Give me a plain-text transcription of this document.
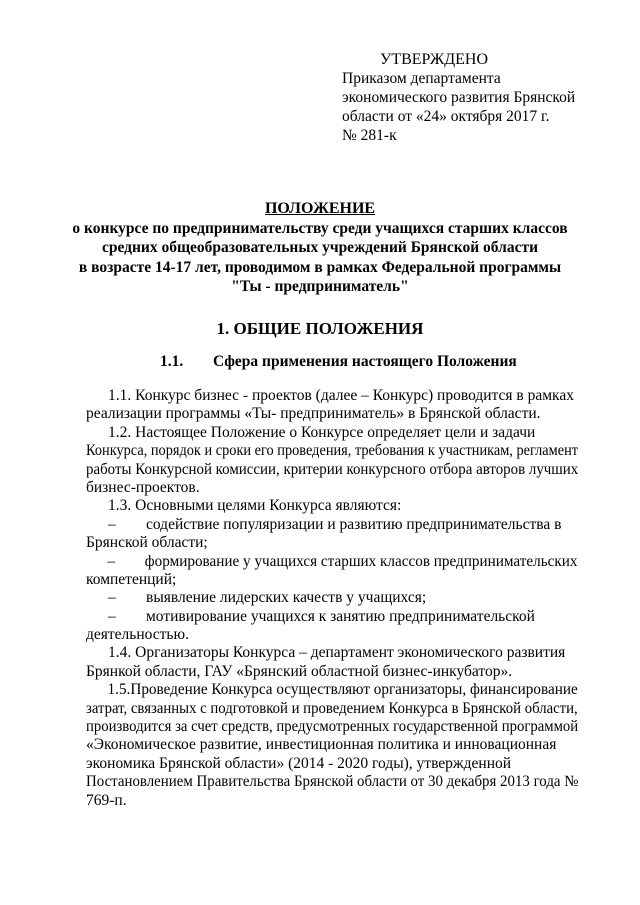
УТВЕРЖДЕНО
Приказом департамента
экономического развития Брянской
области от «24» октября 2017 г.
№ 281-к
ПОЛОЖЕНИЕ
о конкурсе по предпринимательству среди учащихся старших классов
средних общеобразовательных учреждений Брянской области
в возрасте 14-17 лет, проводимом в рамках Федеральной программы
"Ты - предприниматель"
1. ОБЩИЕ ПОЛОЖЕНИЯ
1.1. Сфера применения настоящего Положения
1.1. Конкурс бизнес - проектов (далее – Конкурс) проводится в рамках
реализации программы «Ты- предприниматель» в Брянской области.
1.2. Настоящее Положение о Конкурсе определяет цели и задачи
Конкурса, порядок и сроки его проведения, требования к участникам, регламент
работы Конкурсной комиссии, критерии конкурсного отбора авторов лучших
бизнес-проектов.
1.3. Основными целями Конкурса являются:
– содействие популяризации и развитию предпринимательства в
Брянской области;
– формирование у учащихся старших классов предпринимательских
компетенций;
– выявление лидерских качеств у учащихся;
– мотивирование учащихся к занятию предпринимательской
деятельностью.
1.4. Организаторы Конкурса – департамент экономического развития
Брянкой области, ГАУ «Брянский областной бизнес-инкубатор».
1.5.Проведение Конкурса осуществляют организаторы, финансирование
затрат, связанных с подготовкой и проведением Конкурса в Брянской области,
производится за счет средств, предусмотренных государственной программой
«Экономическое развитие, инвестиционная политика и инновационная
экономика Брянской области» (2014 - 2020 годы), утвержденной
Постановлением Правительства Брянской области от 30 декабря 2013 года №
769-п.
